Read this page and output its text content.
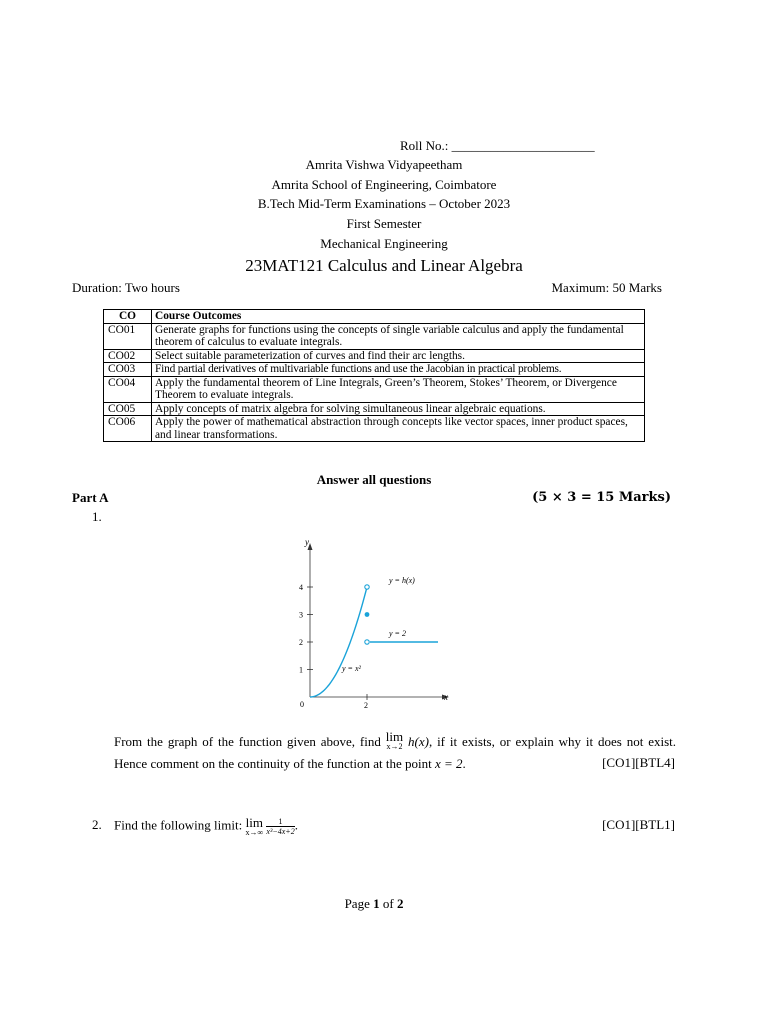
Roll No.: ______________________
Amrita Vishwa Vidyapeetham
Amrita School of Engineering, Coimbatore
B.Tech Mid-Term Examinations – October 2023
First Semester
Mechanical Engineering
23MAT121 Calculus and Linear Algebra
Duration: Two hours	Maximum: 50 Marks
CO	Course Outcomes
CO01	Generate graphs for functions using the concepts of single variable calculus and apply the fundamental theorem of calculus to evaluate integrals.
CO02	Select suitable parameterization of curves and find their arc lengths.
CO03	Find partial derivatives of multivariable functions and use the Jacobian in practical problems.
CO04	Apply the fundamental theorem of Line Integrals, Green’s Theorem, Stokes’ Theorem, or Divergence Theorem to evaluate integrals.
CO05	Apply concepts of matrix algebra for solving simultaneous linear algebraic equations.
CO06	Apply the power of mathematical abstraction through concepts like vector spaces, inner product spaces, and linear transformations.
Answer all questions
Part A	(5 × 3 = 15 Marks)
1.
y
x
1
2
3
4
2
0
y = h(x)
y = 2
y = x²
From the graph of the function given above, find lim
x→2 h(x), if it exists, or explain why it does not exist. Hence comment on the continuity of the function at the point x = 2.	[CO1][BTL4]
2. Find the following limit: lim
x→∞
$\frac{1}{\text{x³−4x+2}}$ .	[CO1][BTL1]
Page 1 of 2
